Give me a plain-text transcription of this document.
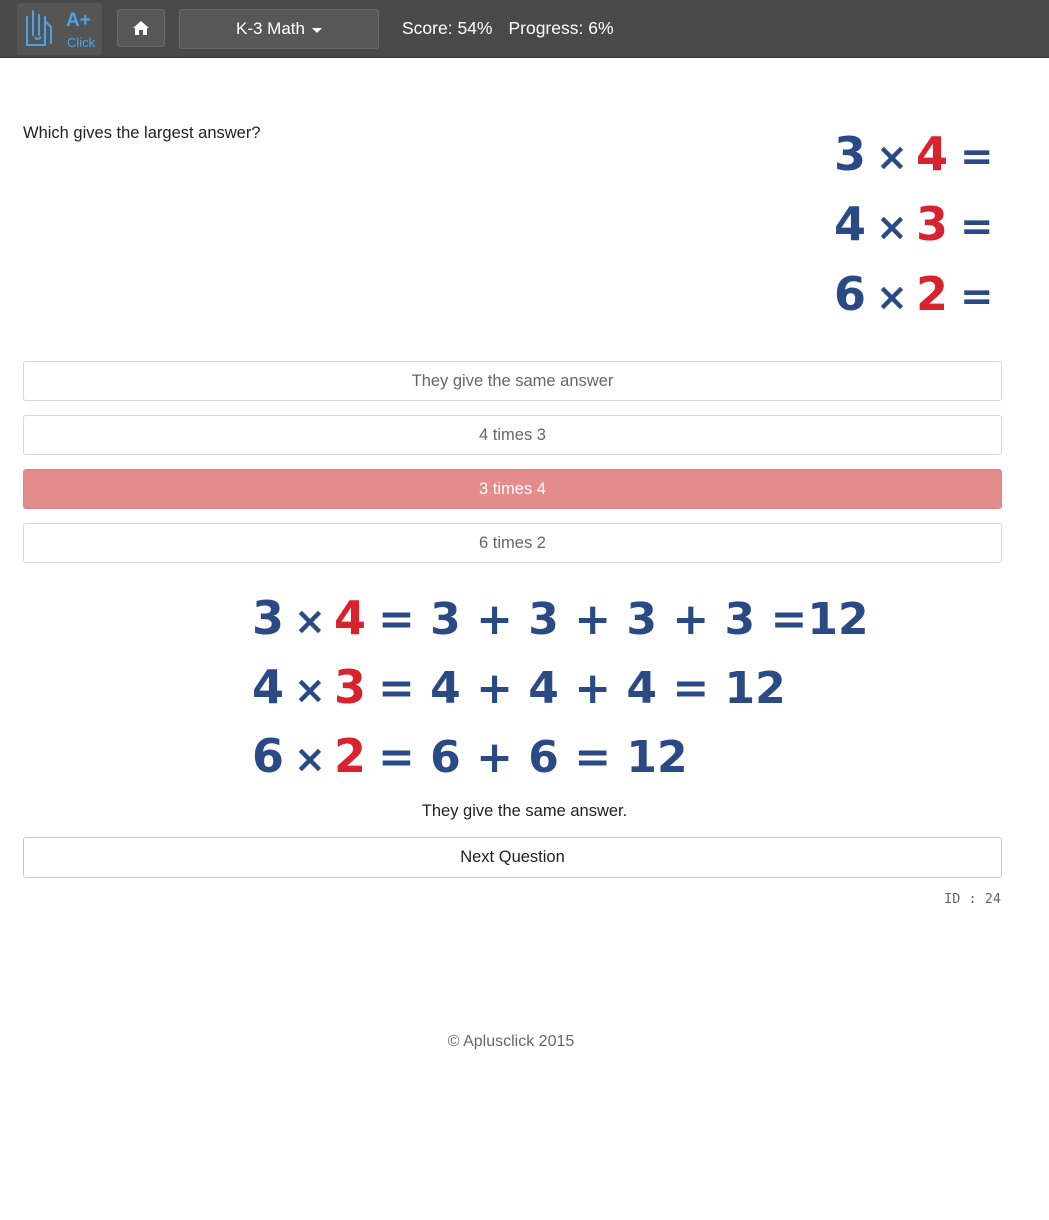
A+
Click
K-3 Math	Score: 54% Progress: 6%
Which gives the largest answer?	3 × 4 =
4 × 3 =
6 × 2 =
They give the same answer
4 times 3
3 times 4
6 times 2
3 × 4 = 3 + 3 + 3 + 3 =12
4 × 3 = 4 + 4 + 4 = 12
6 × 2 = 6 + 6 = 12
They give the same answer.
Next Question
ID : 24
© Aplusclick 2015
